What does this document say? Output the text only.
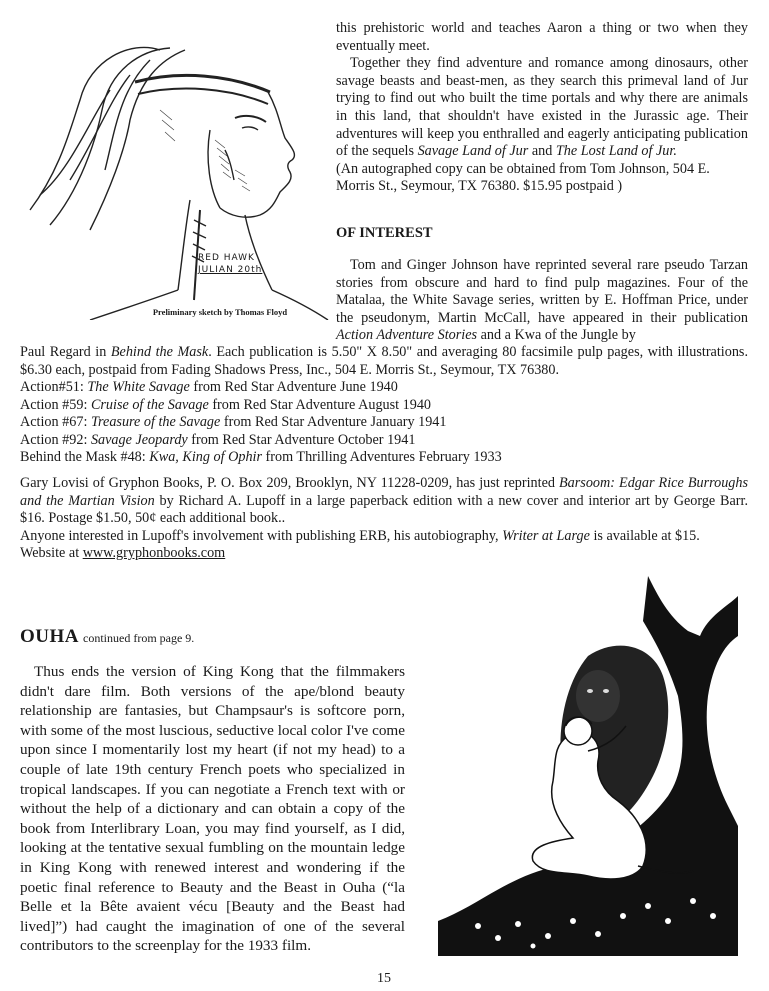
RED HAWK
JULIAN 20th
Preliminary sketch by Thomas Floyd

this prehistoric world and teaches Aaron a thing or two when they eventually meet.

Together they find adventure and romance among dinosaurs, other savage beasts and beast-men, as they search this primeval land of Jur trying to find out who built the time portals and why there are animals in this land, that shouldn't have existed in the Jurassic age. Their adventures will keep you enthralled and eagerly anticipating publication of the sequels Savage Land of Jur and The Lost Land of Jur.

(An autographed copy can be obtained from Tom Johnson, 504 E. Morris St., Seymour, TX 76380. $15.95 postpaid )

OF INTEREST

Tom and Ginger Johnson have reprinted several rare pseudo Tarzan stories from obscure and hard to find pulp magazines. Four of the Matalaa, the White Savage series, written by E. Hoffman Price, under the pseudonym, Martin McCall, have appeared in their publication Action Adventure Stories and a Kwa of the Jungle by

Paul Regard in Behind the Mask. Each publication is 5.50" X 8.50" and averaging 80 facsimile pulp pages, with illustrations. $6.30 each, postpaid from Fading Shadows Press, Inc., 504 E. Morris St., Seymour, TX 76380.

Action#51: The White Savage from Red Star Adventure June 1940
Action #59: Cruise of the Savage from Red Star Adventure August 1940
Action #67: Treasure of the Savage from Red Star Adventure January 1941
Action #92: Savage Jeopardy from Red Star Adventure October 1941
Behind the Mask #48: Kwa, King of Ophir from Thrilling Adventures February 1933

Gary Lovisi of Gryphon Books, P. O. Box 209, Brooklyn, NY 11228-0209, has just reprinted Barsoom: Edgar Rice Burroughs and the Martian Vision by Richard A. Lupoff in a large paperback edition with a new cover and interior art by George Barr. $16. Postage $1.50, 50¢ each additional book..

Anyone interested in Lupoff's involvement with publishing ERB, his autobiography, Writer at Large is available at $15.

Website at www.gryphonbooks.com

OUHA continued from page 9.

Thus ends the version of King Kong that the filmmakers didn't dare film. Both versions of the ape/blond beauty relationship are fantasies, but Champsaur's is softcore porn, with some of the most luscious, seductive local color I've come upon since I momentarily lost my heart (if not my head) to a couple of late 19th century French poets who specialized in tropical landscapes. If you can negotiate a French text with or without the help of a dictionary and can obtain a copy of the book from Interlibrary Loan, you may find yourself, as I did, looking at the tentative sexual fumbling on the mountain ledge in King Kong with renewed interest and wondering if the poetic final reference to Beauty and the Beast in Ouha (“la Belle et la Bête avaient vécu [Beauty and the Beast had lived]”) had caught the imagination of one of the several contributors to the screenplay for the 1933 film.

15
